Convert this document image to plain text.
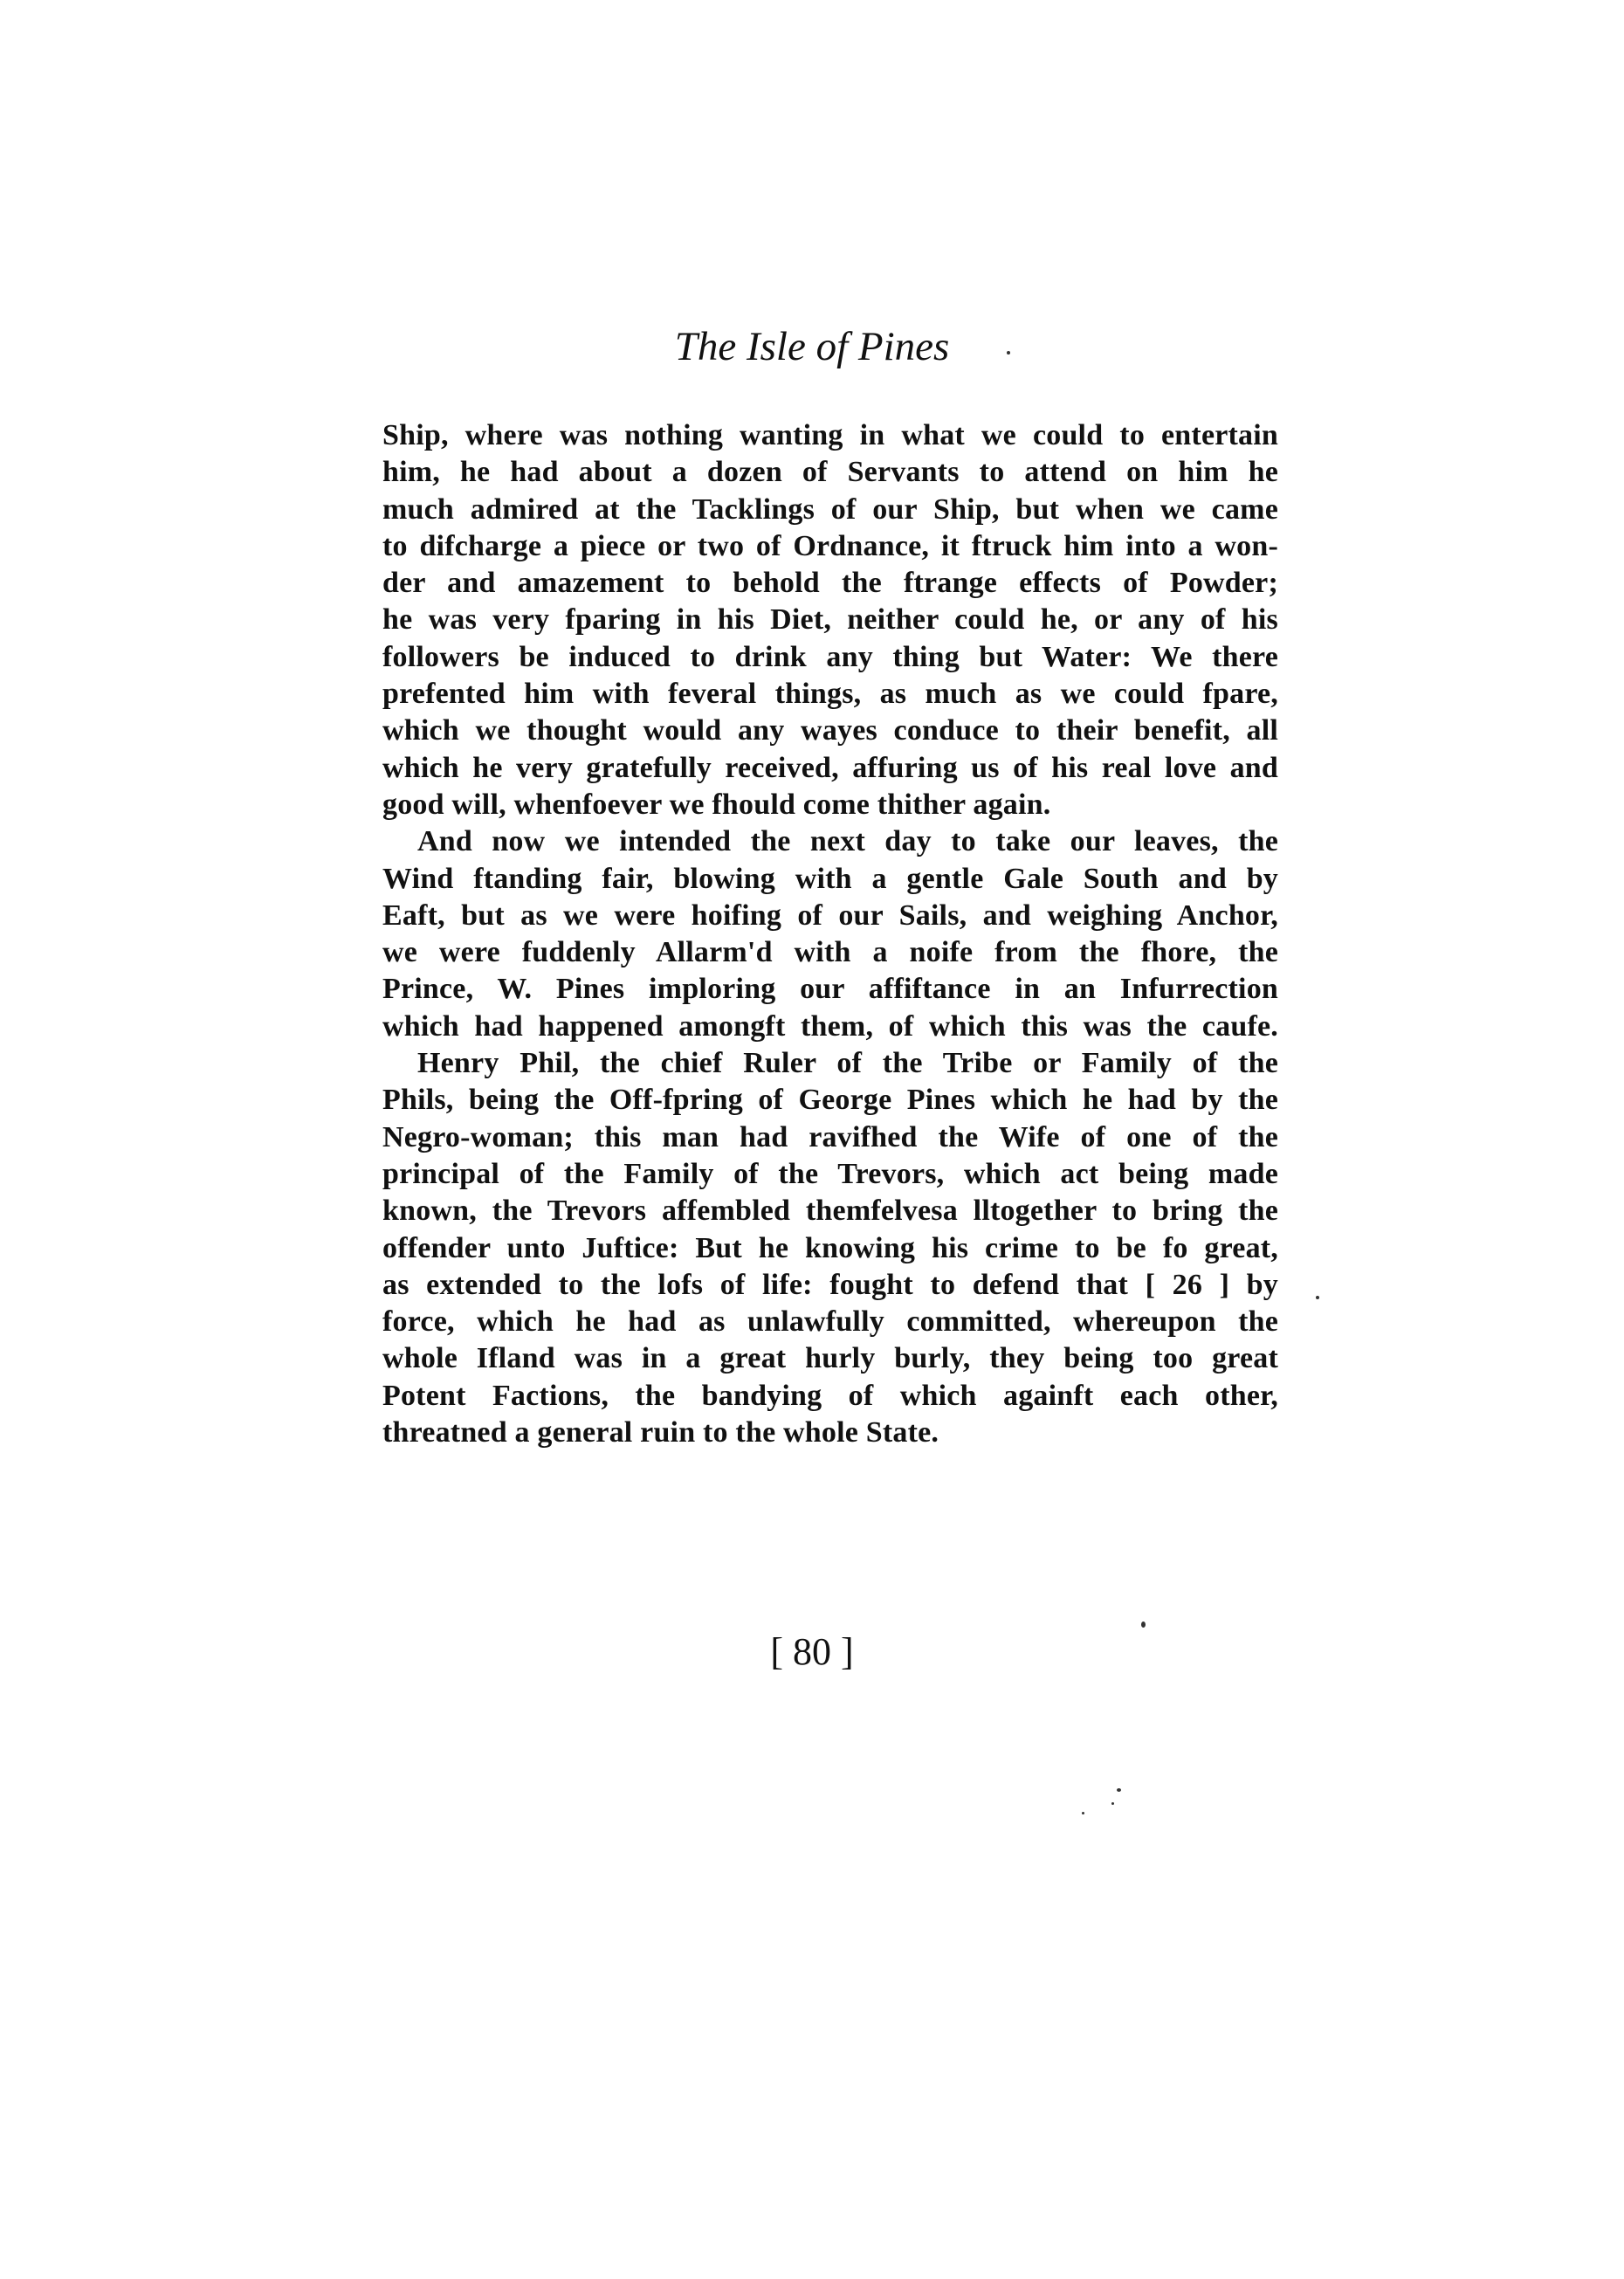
The Isle of Pines
Ship, where was nothing wanting in what we could to entertain
him, he had about a dozen of Servants to attend on him he
much admired at the Tacklings of our Ship, but when we came
to difcharge a piece or two of Ordnance, it ftruck him into a won-
der and amazement to behold the ftrange effects of Powder;
he was very fparing in his Diet, neither could he, or any of his
followers be induced to drink any thing but Water: We there
prefented him with feveral things, as much as we could fpare,
which we thought would any wayes conduce to their benefit, all
which he very gratefully received, affuring us of his real love and
good will, whenfoever we fhould come thither again.
And now we intended the next day to take our leaves, the
Wind ftanding fair, blowing with a gentle Gale South and by
Eaft, but as we were hoifing of our Sails, and weighing Anchor,
we were fuddenly Allarm'd with a noife from the fhore, the
Prince, W. Pines imploring our affiftance in an Infurrection
which had happened amongft them, of which this was the caufe.
Henry Phil, the chief Ruler of the Tribe or Family of the
Phils, being the Off-fpring of George Pines which he had by the
Negro-woman; this man had ravifhed the Wife of one of the
principal of the Family of the Trevors, which act being made
known, the Trevors affembled themfelvesa lltogether to bring the
offender unto Juftice: But he knowing his crime to be fo great,
as extended to the lofs of life: fought to defend that [ 26 ] by
force, which he had as unlawfully committed, whereupon the
whole Ifland was in a great hurly burly, they being too great
Potent Factions, the bandying of which againft each other,
threatned a general ruin to the whole State.
[ 80 ]
